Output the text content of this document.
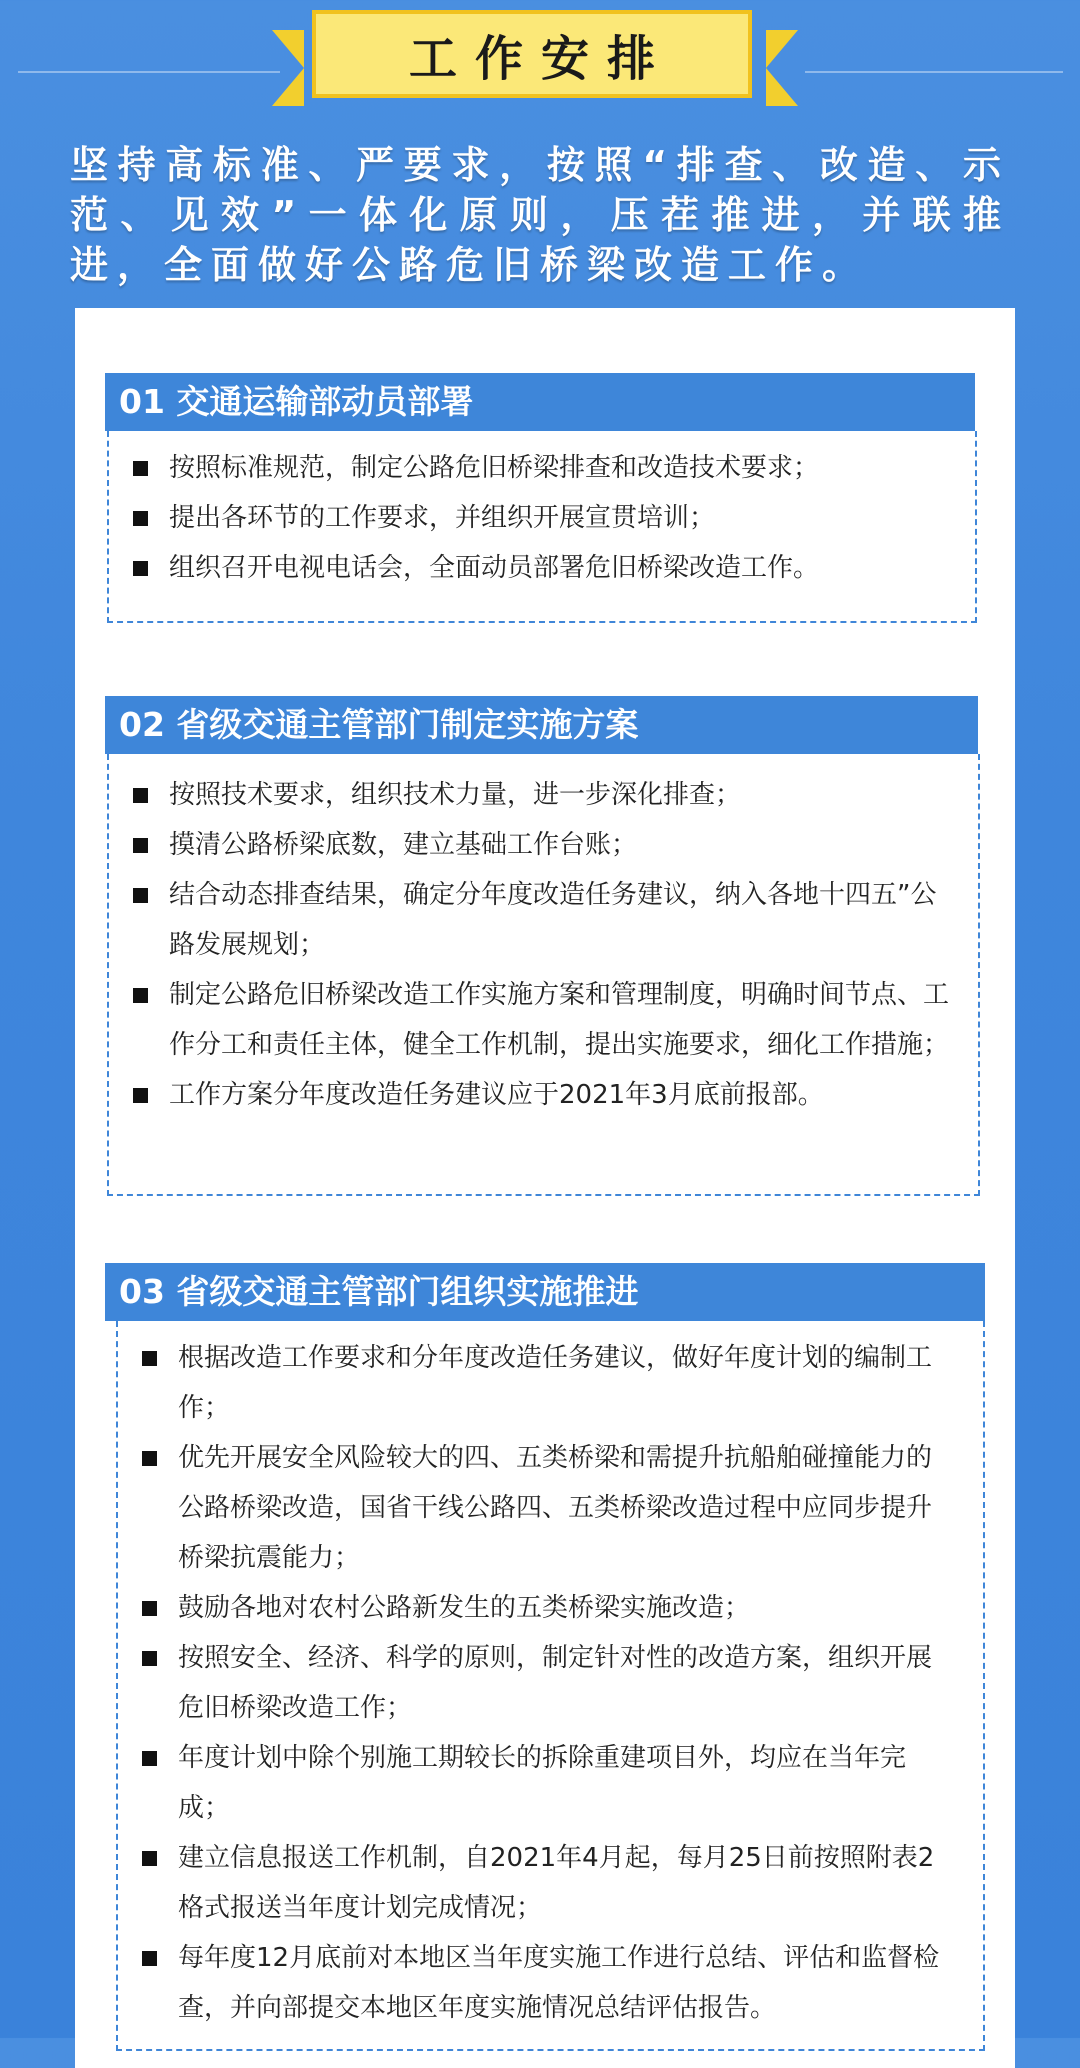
工作安排
坚持高标准、严要求，按照“排查、改造、示范、见效”一体化原则，压茬推进，并联推进，全面做好公路危旧桥梁改造工作。
01 交通运输部动员部署
按照标准规范，制定公路危旧桥梁排查和改造技术要求；
提出各环节的工作要求，并组织开展宣贯培训；
组织召开电视电话会，全面动员部署危旧桥梁改造工作。
02 省级交通主管部门制定实施方案
按照技术要求，组织技术力量，进一步深化排查；
摸清公路桥梁底数，建立基础工作台账；
结合动态排查结果，确定分年度改造任务建议，纳入各地十四五”公路发展规划；
制定公路危旧桥梁改造工作实施方案和管理制度，明确时间节点、工作分工和责任主体，健全工作机制，提出实施要求，细化工作措施；
工作方案分年度改造任务建议应于2021年3月底前报部。
03 省级交通主管部门组织实施推进
根据改造工作要求和分年度改造任务建议，做好年度计划的编制工作；
优先开展安全风险较大的四、五类桥梁和需提升抗船舶碰撞能力的公路桥梁改造，国省干线公路四、五类桥梁改造过程中应同步提升桥梁抗震能力；
鼓励各地对农村公路新发生的五类桥梁实施改造；
按照安全、经济、科学的原则，制定针对性的改造方案，组织开展危旧桥梁改造工作；
年度计划中除个别施工期较长的拆除重建项目外，均应在当年完成；
建立信息报送工作机制，自2021年4月起，每月25日前按照附表2格式报送当年度计划完成情况；
每年度12月底前对本地区当年度实施工作进行总结、评估和监督检查，并向部提交本地区年度实施情况总结评估报告。
